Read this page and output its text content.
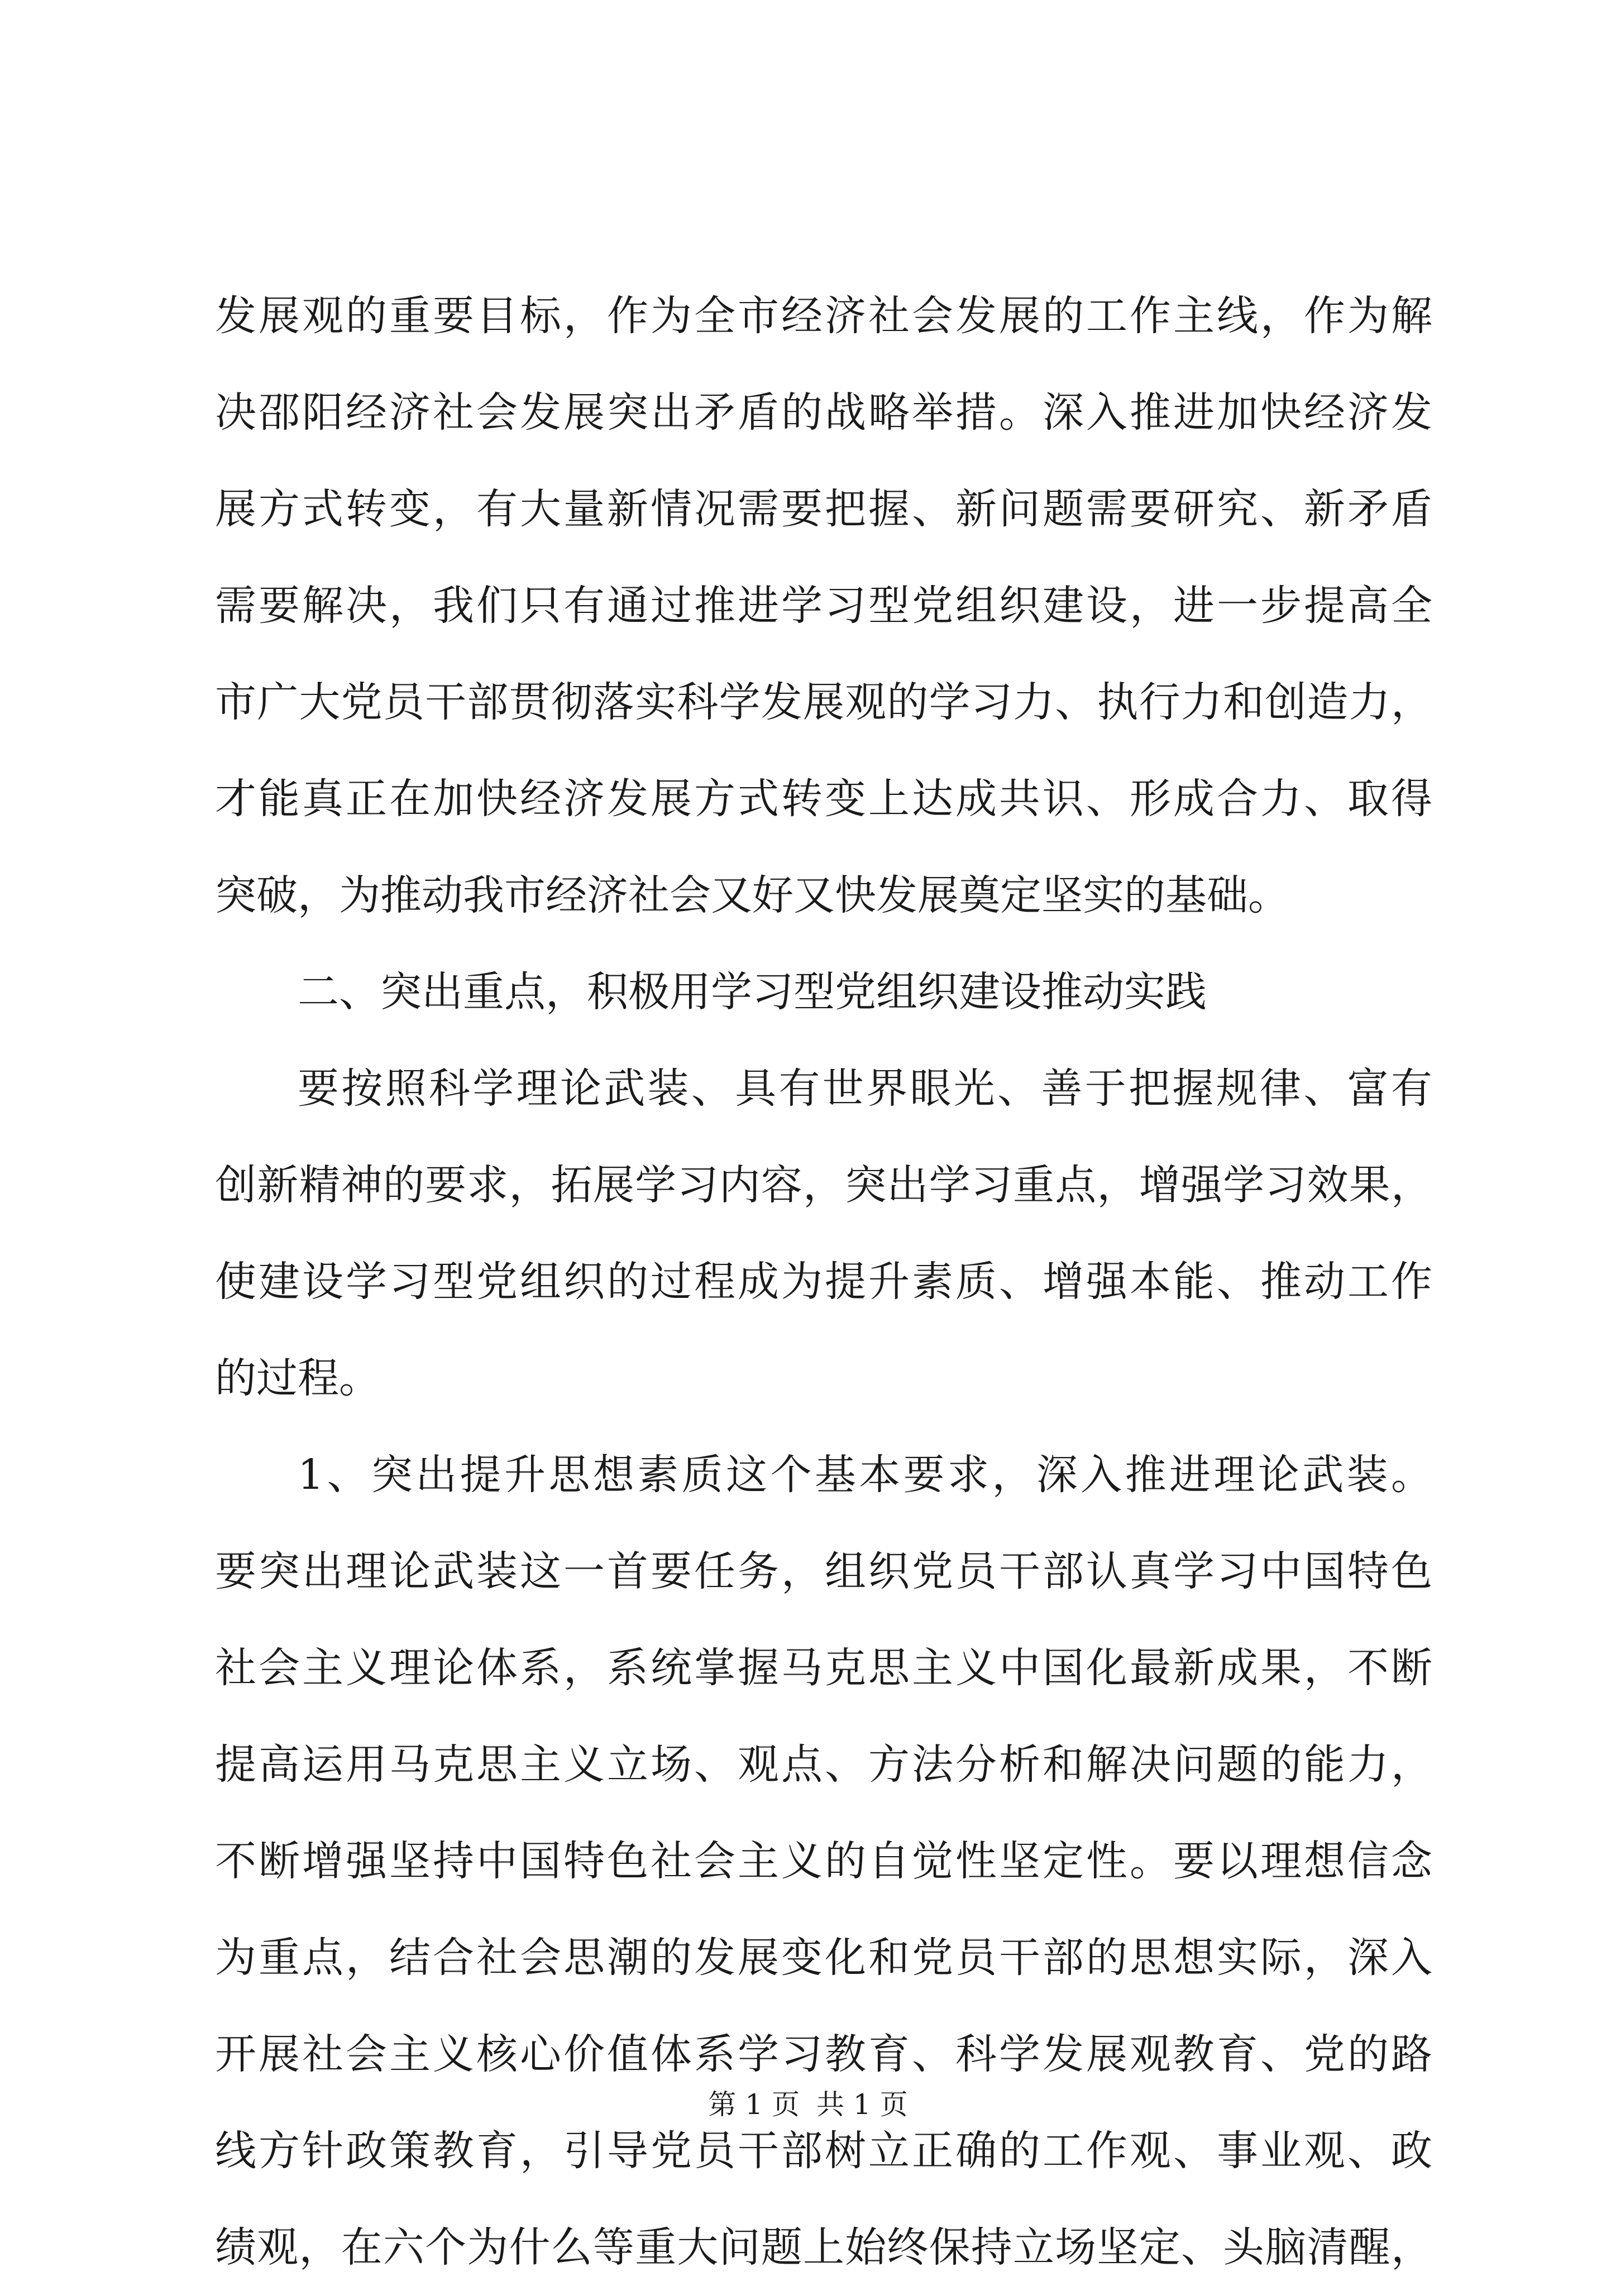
发展观的重要目标，作为全市经济社会发展的工作主线，作为解
决邵阳经济社会发展突出矛盾的战略举措。深入推进加快经济发
展方式转变，有大量新情况需要把握、新问题需要研究、新矛盾
需要解决，我们只有通过推进学习型党组织建设，进一步提高全
市广大党员干部贯彻落实科学发展观的学习力、执行力和创造力，
才能真正在加快经济发展方式转变上达成共识、形成合力、取得
突破，为推动我市经济社会又好又快发展奠定坚实的基础。
二、突出重点，积极用学习型党组织建设推动实践
要按照科学理论武装、具有世界眼光、善于把握规律、富有
创新精神的要求，拓展学习内容，突出学习重点，增强学习效果，
使建设学习型党组织的过程成为提升素质、增强本能、推动工作
的过程。
1、突出提升思想素质这个基本要求，深入推进理论武装。
要突出理论武装这一首要任务，组织党员干部认真学习中国特色
社会主义理论体系，系统掌握马克思主义中国化最新成果，不断
提高运用马克思主义立场、观点、方法分析和解决问题的能力，
不断增强坚持中国特色社会主义的自觉性坚定性。要以理想信念
为重点，结合社会思潮的发展变化和党员干部的思想实际，深入
开展社会主义核心价值体系学习教育、科学发展观教育、党的路
线方针政策教育，引导党员干部树立正确的工作观、事业观、政
绩观，在六个为什么等重大问题上始终保持立场坚定、头脑清醒，
第 1 页 共 1 页
